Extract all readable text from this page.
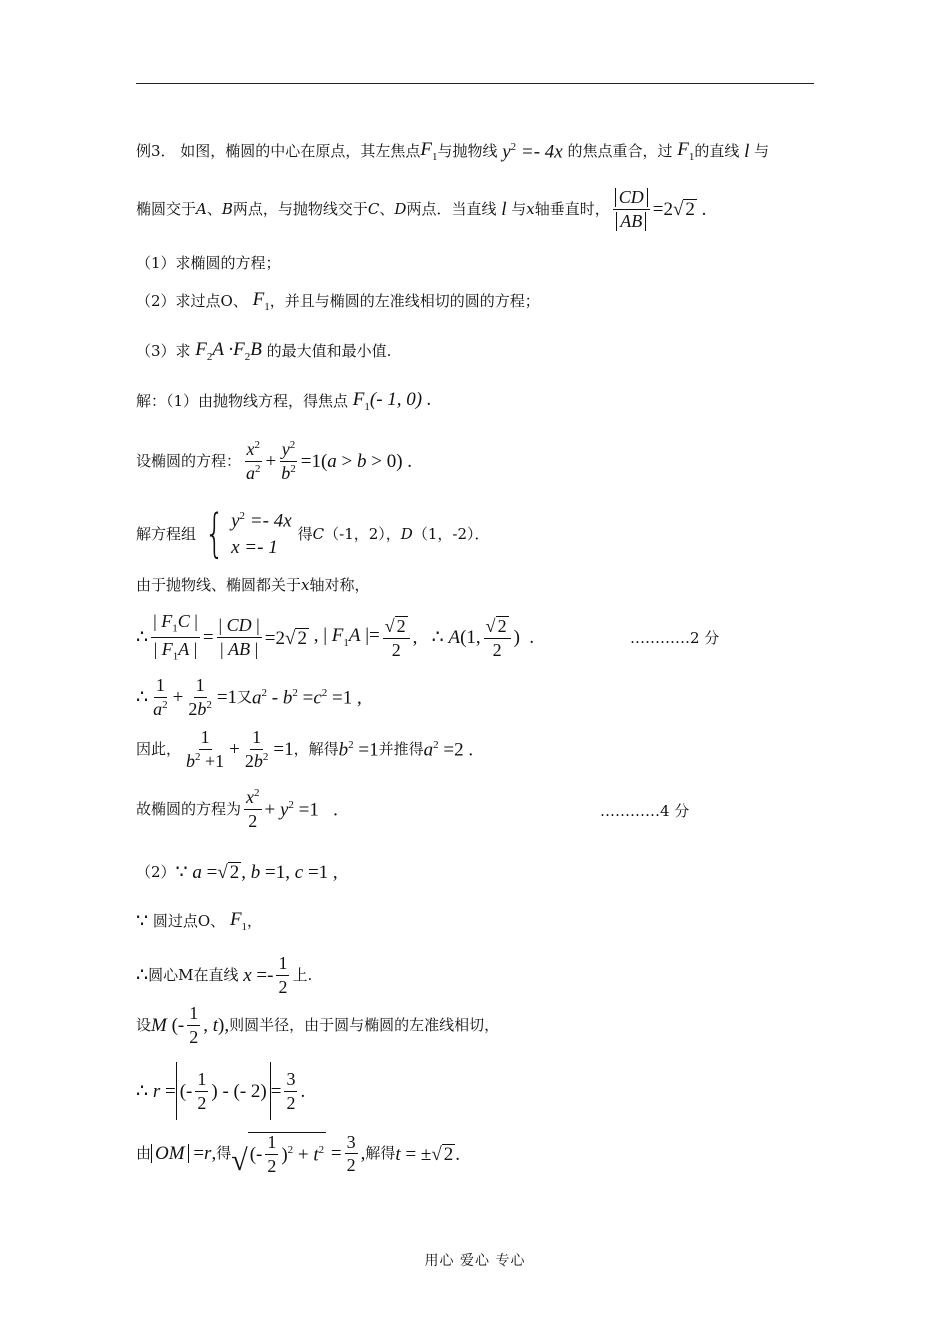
例3． 如图，椭圆的中心在原点，其左焦点 $F_1$ 与抛物线 $y^2 =- 4x$ 的焦点重合，过 $F_1$ 的直线 l 与
椭圆交于 A 、 B 两点，与抛物线交于 C 、 D 两点．当直线 l 与 x 轴垂直时， $\frac{CD}{AB} =2√$ 2 .
（1）求椭圆的方程；
（2）求过点 O 、 $F_1$ ，并且与椭圆的左准线相切的圆的方程；
（3）求 $F_2A \cdot F_2B$ 的最大值和最小值.
解：（1）由抛物线方程，得焦点 $F_1(-$ 1, 0) .
设椭圆的方程： $\frac{x^2}{a^2} + \frac{y^2}{b^2} =1(a > b > 0)$ .
解方程组 { $y^2 =- 4x$
x =- 1
得 C （-1，2）， D （1，-2）．
由于抛物线、椭圆都关于 x 轴对称，
∴ $\frac{| F_1C |}{| F_1A |} = \frac{| CD |}{| AB |} =2√$ 2 , | $F_1A$ |= $\frac{√ 2}{2}$ ,   ∴ A(1, $\frac{√ 2}{2}$ )  .	…………2 分
∴ $\frac{1}{a^2} + \frac{1}{2b^2} =1$ 又 $a^2 - b^2 =c^2 =1$ ,
因此， $\frac{1}{b^2 +1} + \frac{1}{2b^2} =1$ ，解得 $b^2 =1$ 并推得 $a^2 =2$ .
故椭圆的方程为 $\frac{x^2}{2} + y^2 =1$   .	…………4 分
（2） ∵ a =√ 2 , b =1, c =1 ,
∵ 圆过点 O 、 $F_1$ ，
∴ 圆心 M 在直线 $x =- \frac{1}{2}$ 上.
设 M (- $\frac{1}{2}$ , t), 则圆半径，由于圆与椭圆的左准线相切，
∴ r = (- $\frac{1}{2}$ ) - (- $2) = \frac{3}{2}$ .
由 OM =r, 得 √ (- $\frac{1}{2} )^2 + t^2 = \frac{3}{2}$ , 解得 t = ±√ 2 .
用心 爱心 专心
